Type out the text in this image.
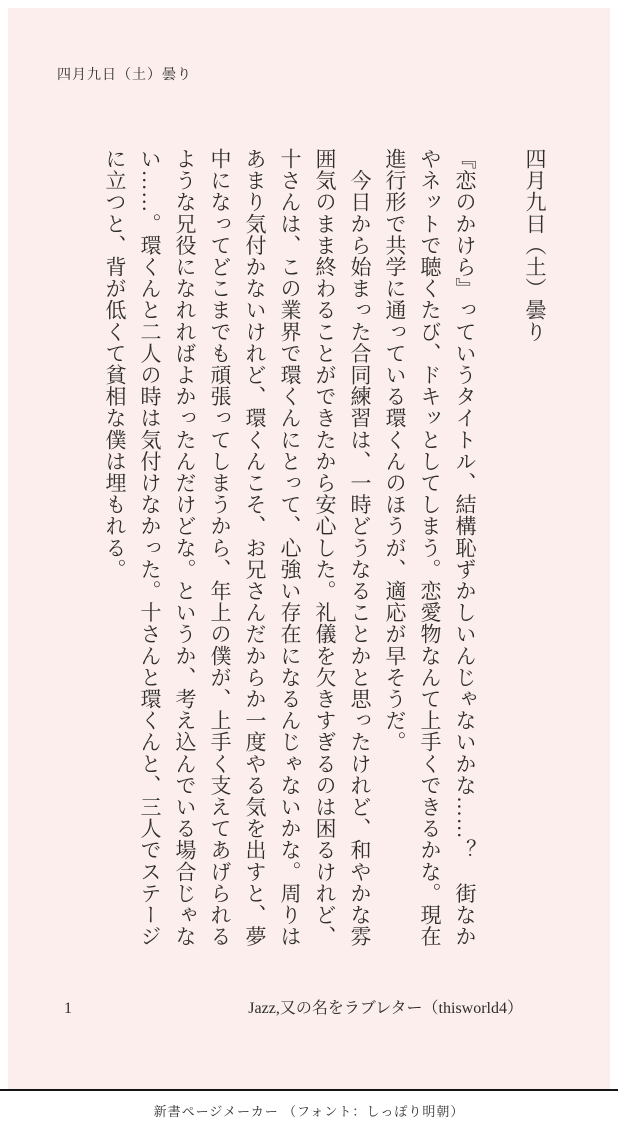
四月九日（土）曇り
四月九日（土）曇り
『恋のかけら』っていうタイトル、結構恥ずかしいんじゃないかな……？　街なか
やネットで聴くたび、ドキッとしてしまう。恋愛物なんて上手くできるかな。現在
進行形で共学に通っている環くんのほうが、適応が早そうだ。
　今日から始まった合同練習は、一時どうなることかと思ったけれど、和やかな雰
囲気のまま終わることができたから安心した。礼儀を欠きすぎるのは困るけれど、
十さんは、この業界で環くんにとって、心強い存在になるんじゃないかな。周りは
あまり気付かないけれど、環くんこそ、お兄さんだからか一度やる気を出すと、夢
中になってどこまでも頑張ってしまうから、年上の僕が、上手く支えてあげられる
ような兄役になれればよかったんだけどな。というか、考え込んでいる場合じゃな
い……。環くんと二人の時は気付けなかった。十さんと環くんと、三人でステージ
に立つと、背が低くて貧相な僕は埋もれる。
1	Jazz,又の名をラブレター（thisworld4）
新書ページメーカー （フォント：しっぽり明朝）
